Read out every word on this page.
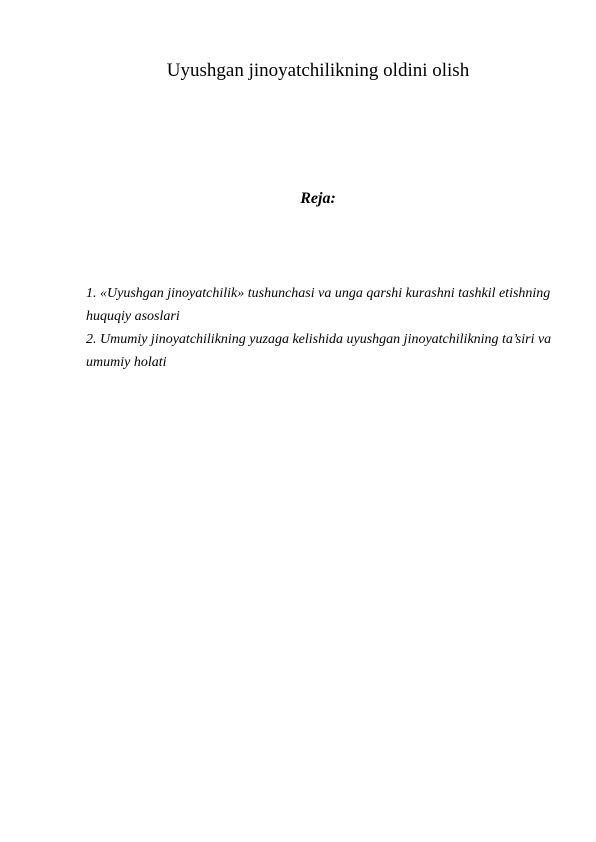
Uyushgan jinoyatchilikning oldini olish
Reja:
1. «Uyushgan jinoyatchilik» tushunchasi va unga qarshi kurashni tashkil etishning huquqiy asoslari
2. Umumiy jinoyatchilikning yuzaga kelishida uyushgan jinoyatchilikning ta’siri va umumiy holati
